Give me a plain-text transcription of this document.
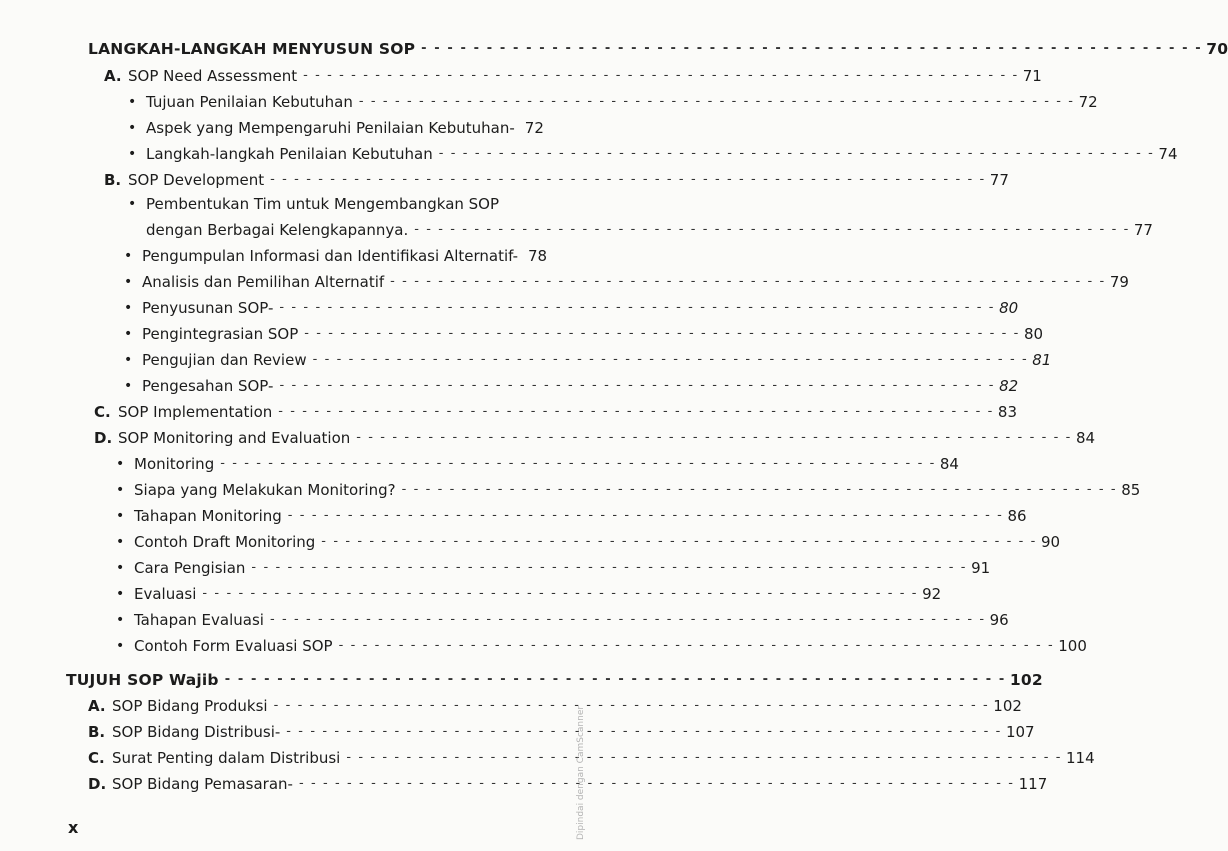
LANGKAH-LANGKAH MENYUSUN SOP - - - - - - - - - - - - - - - - - - - - - - - - - - - - - - - - - - - - - - - - - - - - - - - - - - - - - - - - - - - - 70
A. SOP Need Assessment - - - - - - - - - - - - - - - - - - - - - - - - - - - - - - - - - - - - - - - - - - - - - - - - - - - - - - - - - - - - 71
• Tujuan Penilaian Kebutuhan - - - - - - - - - - - - - - - - - - - - - - - - - - - - - - - - - - - - - - - - - - - - - - - - - - - - - - - - - - - - 72
• Aspek yang Mempengaruhi Penilaian Kebutuhan- 72
• Langkah-langkah Penilaian Kebutuhan - - - - - - - - - - - - - - - - - - - - - - - - - - - - - - - - - - - - - - - - - - - - - - - - - - - - - - - - - - - - 74
B. SOP Development - - - - - - - - - - - - - - - - - - - - - - - - - - - - - - - - - - - - - - - - - - - - - - - - - - - - - - - - - - - - 77
• Pembentukan Tim untuk Mengembangkan SOP
dengan Berbagai Kelengkapannya. - - - - - - - - - - - - - - - - - - - - - - - - - - - - - - - - - - - - - - - - - - - - - - - - - - - - - - - - - - - - 77
• Pengumpulan Informasi dan Identifikasi Alternatif- 78
• Analisis dan Pemilihan Alternatif - - - - - - - - - - - - - - - - - - - - - - - - - - - - - - - - - - - - - - - - - - - - - - - - - - - - - - - - - - - - 79
• Penyusunan SOP- - - - - - - - - - - - - - - - - - - - - - - - - - - - - - - - - - - - - - - - - - - - - - - - - - - - - - - - - - - - - 80
• Pengintegrasian SOP - - - - - - - - - - - - - - - - - - - - - - - - - - - - - - - - - - - - - - - - - - - - - - - - - - - - - - - - - - - - 80
• Pengujian dan Review - - - - - - - - - - - - - - - - - - - - - - - - - - - - - - - - - - - - - - - - - - - - - - - - - - - - - - - - - - - - 81
• Pengesahan SOP- - - - - - - - - - - - - - - - - - - - - - - - - - - - - - - - - - - - - - - - - - - - - - - - - - - - - - - - - - - - - 82
C. SOP Implementation - - - - - - - - - - - - - - - - - - - - - - - - - - - - - - - - - - - - - - - - - - - - - - - - - - - - - - - - - - - - 83
D. SOP Monitoring and Evaluation - - - - - - - - - - - - - - - - - - - - - - - - - - - - - - - - - - - - - - - - - - - - - - - - - - - - - - - - - - - - 84
• Monitoring - - - - - - - - - - - - - - - - - - - - - - - - - - - - - - - - - - - - - - - - - - - - - - - - - - - - - - - - - - - - 84
• Siapa yang Melakukan Monitoring? - - - - - - - - - - - - - - - - - - - - - - - - - - - - - - - - - - - - - - - - - - - - - - - - - - - - - - - - - - - - 85
• Tahapan Monitoring - - - - - - - - - - - - - - - - - - - - - - - - - - - - - - - - - - - - - - - - - - - - - - - - - - - - - - - - - - - - 86
• Contoh Draft Monitoring - - - - - - - - - - - - - - - - - - - - - - - - - - - - - - - - - - - - - - - - - - - - - - - - - - - - - - - - - - - - 90
• Cara Pengisian - - - - - - - - - - - - - - - - - - - - - - - - - - - - - - - - - - - - - - - - - - - - - - - - - - - - - - - - - - - - 91
• Evaluasi - - - - - - - - - - - - - - - - - - - - - - - - - - - - - - - - - - - - - - - - - - - - - - - - - - - - - - - - - - - - 92
• Tahapan Evaluasi - - - - - - - - - - - - - - - - - - - - - - - - - - - - - - - - - - - - - - - - - - - - - - - - - - - - - - - - - - - - 96
• Contoh Form Evaluasi SOP - - - - - - - - - - - - - - - - - - - - - - - - - - - - - - - - - - - - - - - - - - - - - - - - - - - - - - - - - - - - 100
TUJUH SOP Wajib - - - - - - - - - - - - - - - - - - - - - - - - - - - - - - - - - - - - - - - - - - - - - - - - - - - - - - - - - - - - 102
A. SOP Bidang Produksi - - - - - - - - - - - - - - - - - - - - - - - - - - - - - - - - - - - - - - - - - - - - - - - - - - - - - - - - - - - - 102
B. SOP Bidang Distribusi- - - - - - - - - - - - - - - - - - - - - - - - - - - - - - - - - - - - - - - - - - - - - - - - - - - - - - - - - - - - - 107
C. Surat Penting dalam Distribusi - - - - - - - - - - - - - - - - - - - - - - - - - - - - - - - - - - - - - - - - - - - - - - - - - - - - - - - - - - - - 114
D. SOP Bidang Pemasaran- - - - - - - - - - - - - - - - - - - - - - - - - - - - - - - - - - - - - - - - - - - - - - - - - - - - - - - - - - - - - 117
x	Dipindai dengan CamScanner
